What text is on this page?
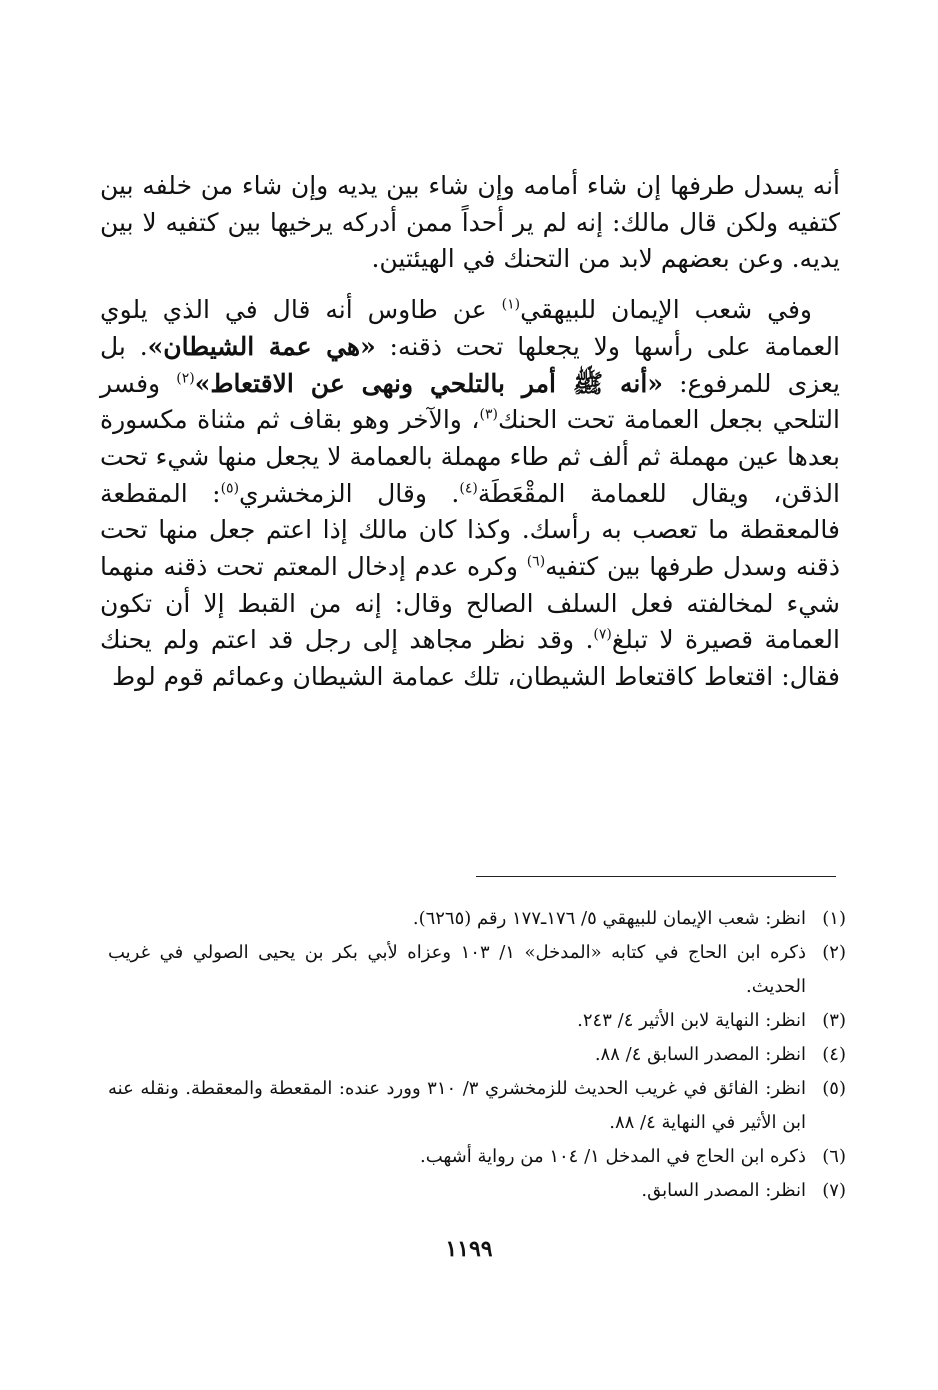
أنه يسدل طرفها إن شاء أمامه وإن شاء بين يديه وإن شاء من خلفه بين كتفيه ولكن قال مالك: إنه لم ير أحداً ممن أدركه يرخيها بين كتفيه لا بين يديه. وعن بعضهم لابد من التحنك في الهيئتين.

وفي شعب الإيمان للبيهقي$^{(١)}$ عن طاوس أنه قال في الذي يلوي العمامة على رأسها ولا يجعلها تحت ذقنه: «هي عمة الشيطان». بل يعزى للمرفوع: «أنه ﷺ أمر بالتلحي ونهى عن الاقتعاط»$^{(٢)}$ وفسر التلحي بجعل العمامة تحت الحنك$^{(٣)}$، والآخر وهو بقاف ثم مثناة مكسورة بعدها عين مهملة ثم ألف ثم طاء مهملة بالعمامة لا يجعل منها شيء تحت الذقن، ويقال للعمامة المقْعَطَة$^{(٤)}$. وقال الزمخشري$^{(٥)}$: المقطعة فالمعقطة ما تعصب به رأسك. وكذا كان مالك إذا اعتم جعل منها تحت ذقنه وسدل طرفها بين كتفيه$^{(٦)}$ وكره عدم إدخال المعتم تحت ذقنه منهما شيء لمخالفته فعل السلف الصالح وقال: إنه من القبط إلا أن تكون العمامة قصيرة لا تبلغ$^{(٧)}$. وقد نظر مجاهد إلى رجل قد اعتم ولم يحنك فقال: اقتعاط كاقتعاط الشيطان، تلك عمامة الشيطان وعمائم قوم لوط

(١)
انظر: شعب الإيمان للبيهقي ٥/ ١٧٦ـ١٧٧ رقم (٦٢٦٥).
(٢)
ذكره ابن الحاج في كتابه «المدخل» ١/ ١٠٣ وعزاه لأبي بكر بن يحيى الصولي في غريب الحديث.
(٣)
انظر: النهاية لابن الأثير ٤/ ٢٤٣.
(٤)
انظر: المصدر السابق ٤/ ٨٨.
(٥)
انظر: الفائق في غريب الحديث للزمخشري ٣/ ٣١٠ وورد عنده: المقعطة والمعقطة. ونقله عنه ابن الأثير في النهاية ٤/ ٨٨.
(٦)
ذكره ابن الحاج في المدخل ١/ ١٠٤ من رواية أشهب.
(٧)
انظر: المصدر السابق.
١١٩٩
